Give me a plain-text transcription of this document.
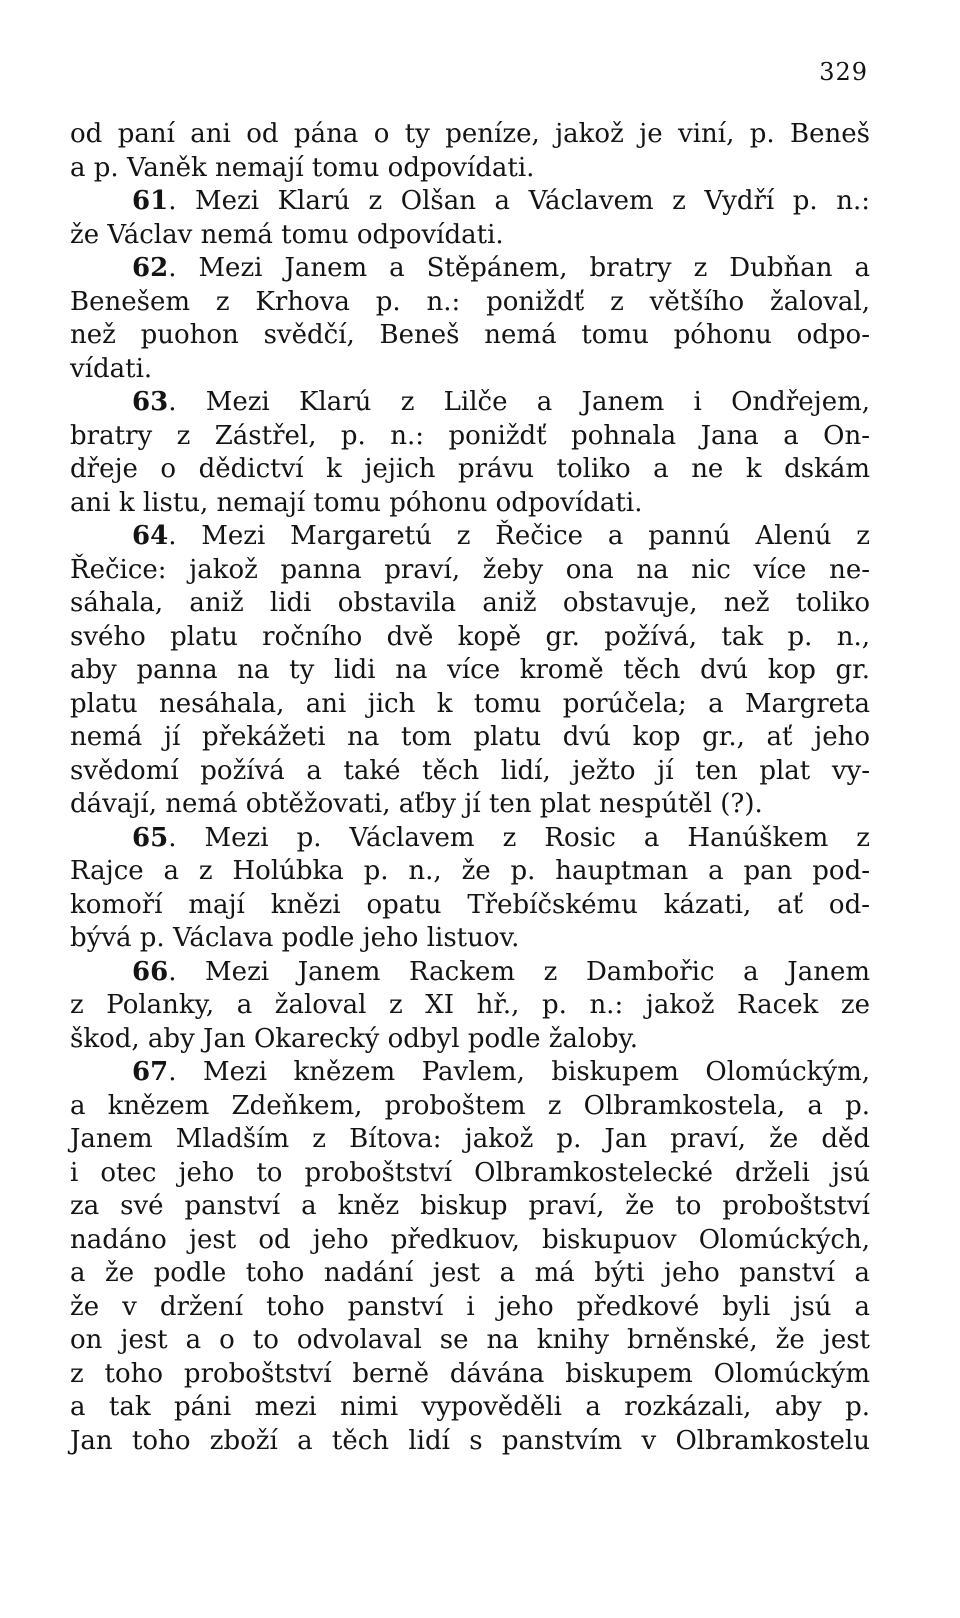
329
od paní ani od pána o ty peníze, jakož je viní, p. Beneš
a p. Vaněk nemají tomu odpovídati.
61. Mezi Klarú z Olšan a Václavem z Vydří p. n.:
že Václav nemá tomu odpovídati.
62. Mezi Janem a Stěpánem, bratry z Dubňan a
Benešem z Krhova p. n.: poniždť z většího žaloval,
než puohon svědčí, Beneš nemá tomu póhonu odpo-
vídati.
63. Mezi Klarú z Lilče a Janem i Ondřejem,
bratry z Zástřel, p. n.: poniždť pohnala Jana a On-
dřeje o dědictví k jejich právu toliko a ne k dskám
ani k listu, nemají tomu póhonu odpovídati.
64. Mezi Margaretú z Řečice a pannú Alenú z
Řečice: jakož panna praví, žeby ona na nic více ne-
sáhala, aniž lidi obstavila aniž obstavuje, než toliko
svého platu ročního dvě kopě gr. požívá, tak p. n.,
aby panna na ty lidi na více kromě těch dvú kop gr.
platu nesáhala, ani jich k tomu porúčela; a Margreta
nemá jí překážeti na tom platu dvú kop gr., ať jeho
svědomí požívá a také těch lidí, ježto jí ten plat vy-
dávají, nemá obtěžovati, aťby jí ten plat nespútěl (?).
65. Mezi p. Václavem z Rosic a Hanúškem z
Rajce a z Holúbka p. n., že p. hauptman a pan pod-
komoří mají knězi opatu Třebíčskému kázati, ať od-
bývá p. Václava podle jeho listuov.
66. Mezi Janem Rackem z Dambořic a Janem
z Polanky, a žaloval z XI hř., p. n.: jakož Racek ze
škod, aby Jan Okarecký odbyl podle žaloby.
67. Mezi knězem Pavlem, biskupem Olomúckým,
a knězem Zdeňkem, proboštem z Olbramkostela, a p.
Janem Mladším z Bítova: jakož p. Jan praví, že děd
i otec jeho to proboštství Olbramkostelecké drželi jsú
za své panství a kněz biskup praví, že to proboštství
nadáno jest od jeho předkuov, biskupuov Olomúckých,
a že podle toho nadání jest a má býti jeho panství a
že v držení toho panství i jeho předkové byli jsú a
on jest a o to odvolaval se na knihy brněnské, že jest
z toho proboštství berně dávána biskupem Olomúckým
a tak páni mezi nimi vypověděli a rozkázali, aby p.
Jan toho zboží a těch lidí s panstvím v Olbramkostelu
